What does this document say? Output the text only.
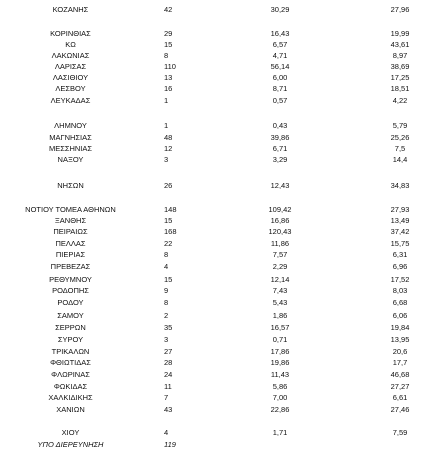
ΚΟΖΑΝΗΣ	42	30,29	27,96
ΚΟΡΙΝΘΙΑΣ	29	16,43	19,99
ΚΩ	15	6,57	43,61
ΛΑΚΩΝΙΑΣ	8	4,71	8,97
ΛΑΡΙΣΑΣ	110	56,14	38,69
ΛΑΣΙΘΙΟΥ	13	6,00	17,25
ΛΕΣΒΟΥ	16	8,71	18,51
ΛΕΥΚΑΔΑΣ	1	0,57	4,22
ΛΗΜΝΟΥ	1	0,43	5,79
ΜΑΓΝΗΣΙΑΣ	48	39,86	25,26
ΜΕΣΣΗΝΙΑΣ	12	6,71	7,5
ΝΑΞΟΥ	3	3,29	14,4
ΝΗΣΩΝ	26	12,43	34,83
ΝΟΤΙΟΥ ΤΟΜΕΑ ΑΘΗΝΩΝ	148	109,42	27,93
ΞΑΝΘΗΣ	15	16,86	13,49
ΠΕΙΡΑΙΩΣ	168	120,43	37,42
ΠΕΛΛΑΣ	22	11,86	15,75
ΠΙΕΡΙΑΣ	8	7,57	6,31
ΠΡΕΒΕΖΑΣ	4	2,29	6,96
ΡΕΘΥΜΝΟΥ	15	12,14	17,52
ΡΟΔΟΠΗΣ	9	7,43	8,03
ΡΟΔΟΥ	8	5,43	6,68
ΣΑΜΟΥ	2	1,86	6,06
ΣΕΡΡΩΝ	35	16,57	19,84
ΣΥΡΟΥ	3	0,71	13,95
ΤΡΙΚΑΛΩΝ	27	17,86	20,6
ΦΘΙΩΤΙΔΑΣ	28	19,86	17,7
ΦΛΩΡΙΝΑΣ	24	11,43	46,68
ΦΩΚΙΔΑΣ	11	5,86	27,27
ΧΑΛΚΙΔΙΚΗΣ	7	7,00	6,61
ΧΑΝΙΩΝ	43	22,86	27,46
ΧΙΟΥ	4	1,71	7,59
ΥΠΟ ΔΙΕΡΕΥΝΗΣΗ	119
